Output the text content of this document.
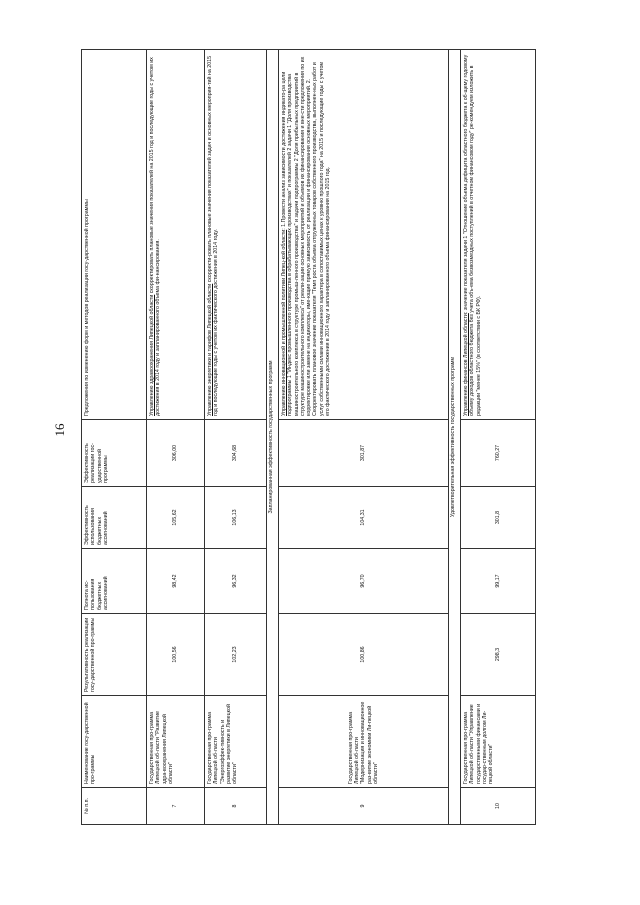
16
№ п.п.	Наименование госу-дарственной про-граммы	Результативность реализации госу-дарственной про-граммы	Полнота ис-пользования бюджетных ассигнований	Эффективность использования бюджетных ассигнований	Эффективность реализации гос-ударственной программы	Предложения по изменению форм и методов реализации госу-дарственной программы
7	Государственная про-грамма Липецкой об-ласти "Развитие здра-воохранения Липецкой области"	100,56	98,42	105,62	306,00	Управлению здравоохранения Липецкой области скорректировать плановые значения показателей на 2015 год и последующие годы с учетом их достижения в 2014 году и запланированного объема фи-нансирования.
8	Государственная про-грамма Липецкой об-ласти "Энергоэффек-тивность и развитие энергетики в Липецкой области"	102,23	96,32	106,13	304,68	Управлению энергетики и тарифов Липецкой области скорректи-ровать плановые значения показателей задач и основных мероприя-тий на 2015 год и последующие годы с учетом их фактического достижения в 2014 году.
Запланированная эффективность государственных программ						
9	Государственная про-грамма Липецкой об-ласти "Модернизация и инновационное раз-витие экономики Ли-пецкой области"	100,86	96,70	104,31	301,87	Управлению инновационной и промышленной политики Липец-кой области: 1.Провести анализ зависимости достижения индикато-ра цели подпрограммы 1 "Индекс промышленного производства в обрабатывающих производствах" и показателей 2 задачи 1 "Доля производства машиностроительного комплекса в структуре промыш-ленного производства" и задачи подпрограммы 2 "Доля прибыльных предприятий в структуре машиностроительного комплекса" от реали-зации основных мероприятий и объемов их финансирования и вне-сти предложения по их корректировке или замене на индикаторы, име-ющие прямую зависимость от реализации и финансирования основных мероприятий. 2. Скорректировать плановое значение показателя "Темп роста объема отгруженных товаров собственного производства, выполнен-ных работ и услуг собственными силами инновационного характера в сопоставимых ценах к уровню прошлого года" на 2015 и последующие годы с учетом его фактического достижения в 2014 году и запланированного объема финансирования на 2015 год.
Удовлетворительная эффективность государственных программ						
10	Государственная про-грамма Липецкой об-ласти "Управление государственными финансами и государ-ственным долгом Ли-пецкой области"	298,3	99,17	301,8	760,27	Управлению финансов Липецкой области: значение показателя задачи 1 "Отношение объема дефицита областного бюджета к об-щему годовому объему доходов областного бюджета без учета объ-ема безвозмездных поступлений в отчетном финансовом году" ре-комендуем изложить в редакции "менее 15%" (в соответствии с БК РФ).
